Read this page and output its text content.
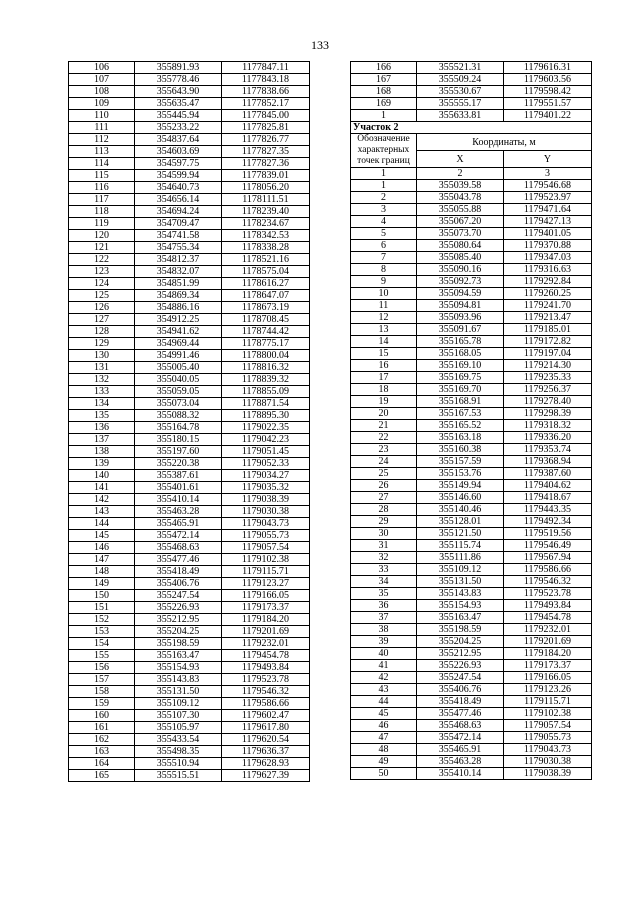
133
106	355891.93	1177847.11
107	355778.46	1177843.18
108	355643.90	1177838.66
109	355635.47	1177852.17
110	355445.94	1177845.00
111	355233.22	1177825.81
112	354837.64	1177826.77
113	354603.69	1177827.35
114	354597.75	1177827.36
115	354599.94	1177839.01
116	354640.73	1178056.20
117	354656.14	1178111.51
118	354694.24	1178239.40
119	354709.47	1178234.67
120	354741.58	1178342.53
121	354755.34	1178338.28
122	354812.37	1178521.16
123	354832.07	1178575.04
124	354851.99	1178616.27
125	354869.34	1178647.07
126	354886.16	1178673.19
127	354912.25	1178708.45
128	354941.62	1178744.42
129	354969.44	1178775.17
130	354991.46	1178800.04
131	355005.40	1178816.32
132	355040.05	1178839.32
133	355059.05	1178855.09
134	355073.04	1178871.54
135	355088.32	1178895.30
136	355164.78	1179022.35
137	355180.15	1179042.23
138	355197.60	1179051.45
139	355220.38	1179052.33
140	355387.61	1179034.27
141	355401.61	1179035.32
142	355410.14	1179038.39
143	355463.28	1179030.38
144	355465.91	1179043.73
145	355472.14	1179055.73
146	355468.63	1179057.54
147	355477.46	1179102.38
148	355418.49	1179115.71
149	355406.76	1179123.27
150	355247.54	1179166.05
151	355226.93	1179173.37
152	355212.95	1179184.20
153	355204.25	1179201.69
154	355198.59	1179232.01
155	355163.47	1179454.78
156	355154.93	1179493.84
157	355143.83	1179523.78
158	355131.50	1179546.32
159	355109.12	1179586.66
160	355107.30	1179602.47
161	355105.97	1179617.80
162	355433.54	1179620.54
163	355498.35	1179636.37
164	355510.94	1179628.93
165	355515.51	1179627.39
166	355521.31	1179616.31
167	355509.24	1179603.56
168	355530.67	1179598.42
169	355555.17	1179551.57
1	355633.81	1179401.22
Участок 2		
Обозначение характерных точек границ	Координаты, м	
	X	Y
1	2	3
1	355039.58	1179546.68
2	355043.78	1179523.97
3	355055.88	1179471.64
4	355067.20	1179427.13
5	355073.70	1179401.05
6	355080.64	1179370.88
7	355085.40	1179347.03
8	355090.16	1179316.63
9	355092.73	1179292.84
10	355094.59	1179260.25
11	355094.81	1179241.70
12	355093.96	1179213.47
13	355091.67	1179185.01
14	355165.78	1179172.82
15	355168.05	1179197.04
16	355169.10	1179214.30
17	355169.75	1179235.33
18	355169.70	1179256.37
19	355168.91	1179278.40
20	355167.53	1179298.39
21	355165.52	1179318.32
22	355163.18	1179336.20
23	355160.38	1179353.74
24	355157.59	1179368.94
25	355153.76	1179387.60
26	355149.94	1179404.62
27	355146.60	1179418.67
28	355140.46	1179443.35
29	355128.01	1179492.34
30	355121.50	1179519.56
31	355115.74	1179546.49
32	355111.86	1179567.94
33	355109.12	1179586.66
34	355131.50	1179546.32
35	355143.83	1179523.78
36	355154.93	1179493.84
37	355163.47	1179454.78
38	355198.59	1179232.01
39	355204.25	1179201.69
40	355212.95	1179184.20
41	355226.93	1179173.37
42	355247.54	1179166.05
43	355406.76	1179123.26
44	355418.49	1179115.71
45	355477.46	1179102.38
46	355468.63	1179057.54
47	355472.14	1179055.73
48	355465.91	1179043.73
49	355463.28	1179030.38
50	355410.14	1179038.39
